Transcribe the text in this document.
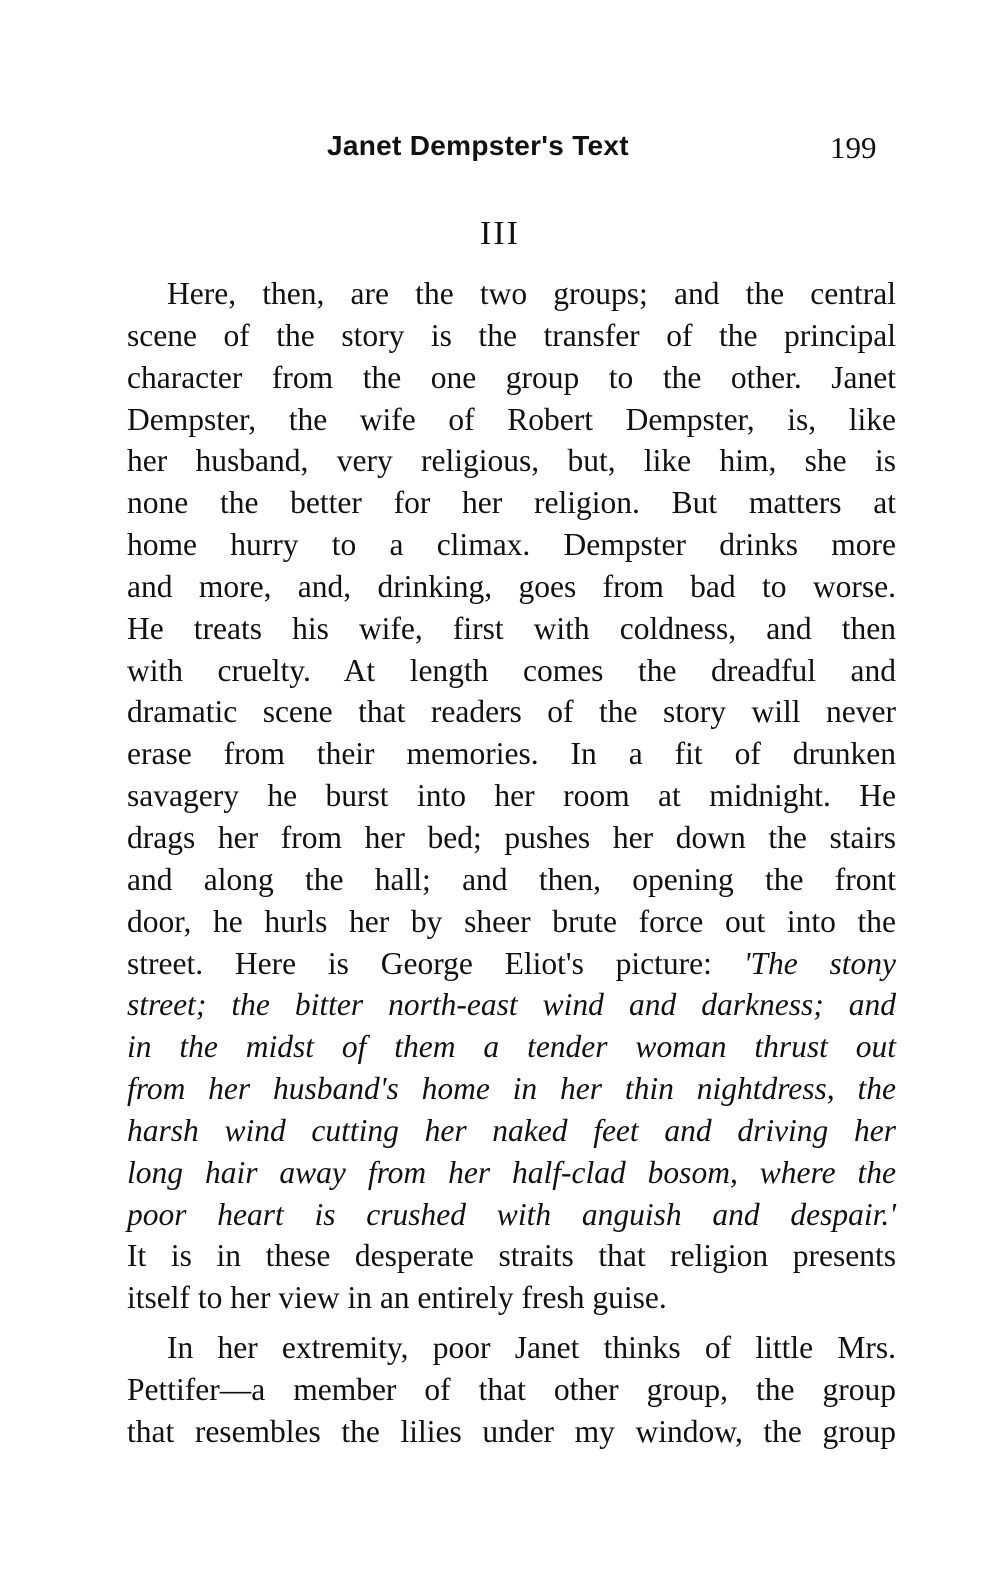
Janet Dempster's Text	199
III
Here, then, are the two groups; and the central
scene of the story is the transfer of the principal
character from the one group to the other. Janet
Dempster, the wife of Robert Dempster, is, like
her husband, very religious, but, like him, she is
none the better for her religion. But matters at
home hurry to a climax. Dempster drinks more
and more, and, drinking, goes from bad to worse.
He treats his wife, first with coldness, and then
with cruelty. At length comes the dreadful and
dramatic scene that readers of the story will never
erase from their memories. In a fit of drunken
savagery he burst into her room at midnight. He
drags her from her bed; pushes her down the stairs
and along the hall; and then, opening the front
door, he hurls her by sheer brute force out into the
street. Here is George Eliot's picture: 'The stony
street; the bitter north-east wind and darkness; and
in the midst of them a tender woman thrust out
from her husband's home in her thin nightdress, the
harsh wind cutting her naked feet and driving her
long hair away from her half-clad bosom, where the
poor heart is crushed with anguish and despair.'
It is in these desperate straits that religion presents
itself to her view in an entirely fresh guise.
In her extremity, poor Janet thinks of little Mrs.
Pettifer—a member of that other group, the group
that resembles the lilies under my window, the group
